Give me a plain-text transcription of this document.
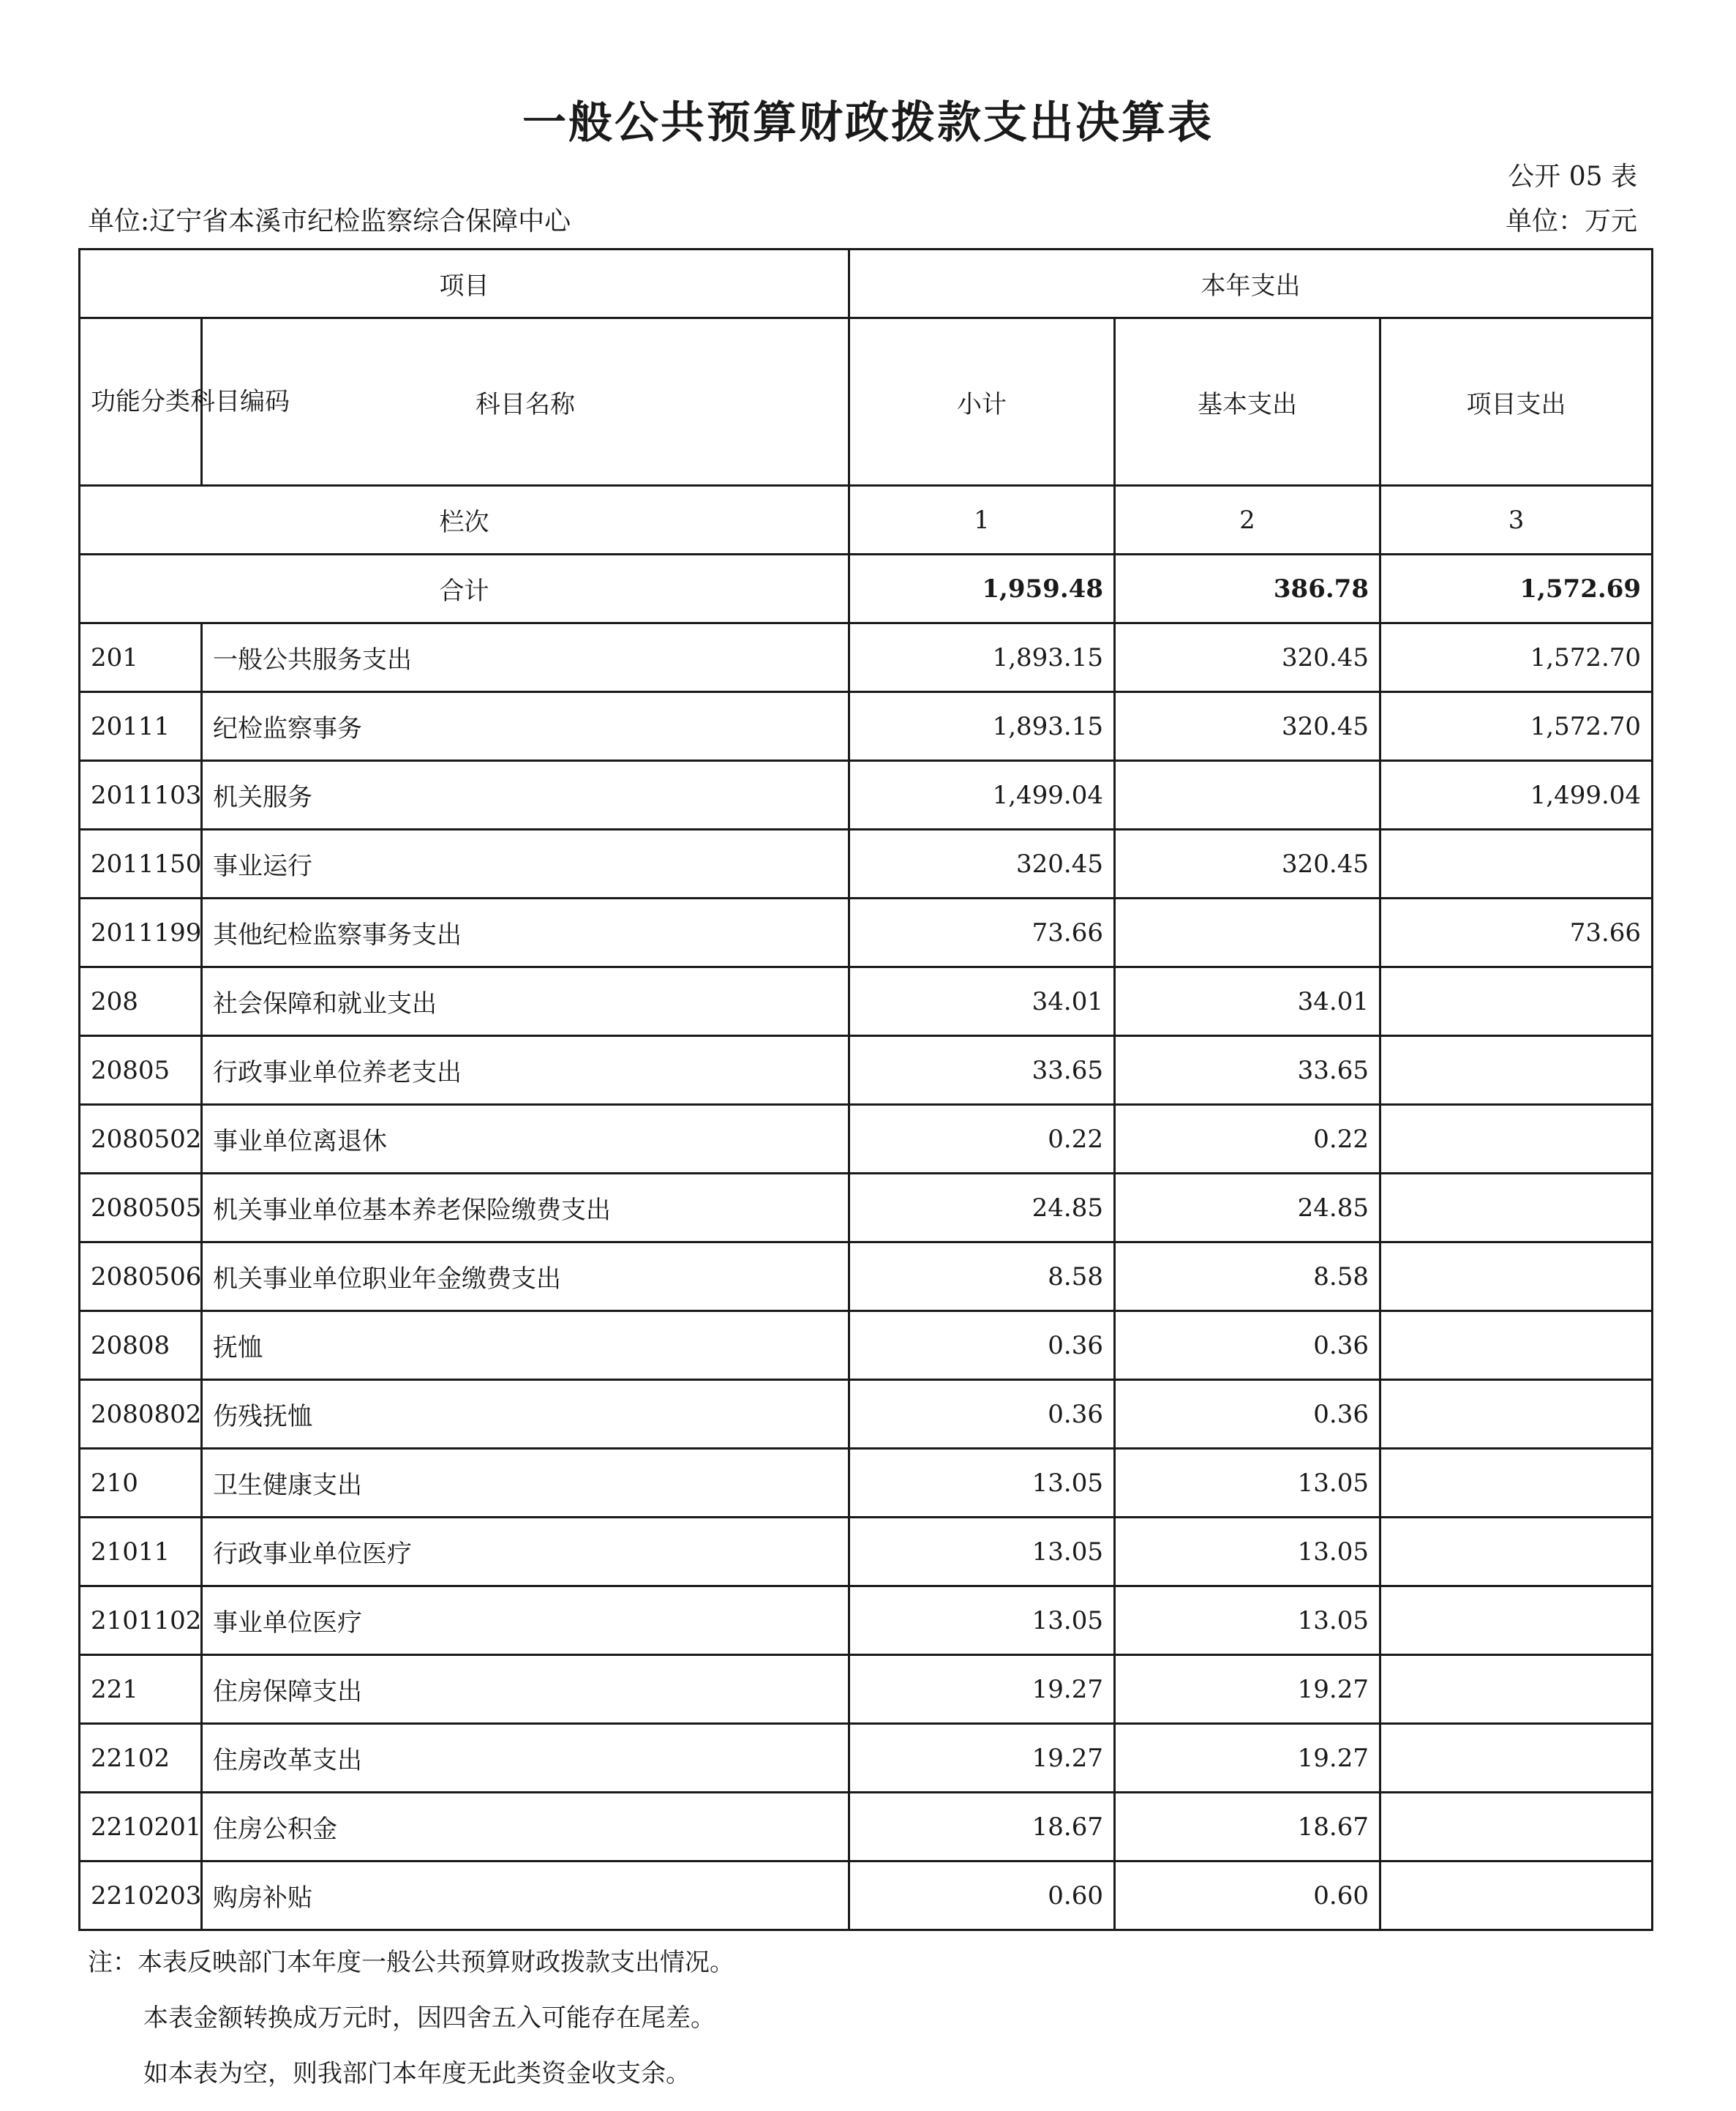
一般公共预算财政拨款支出决算表
公开 05 表
单位:辽宁省本溪市纪检监察综合保障中心	单位：万元
项目		本年支出		
功能分类科目编码	科目名称	小计	基本支出	项目支出
栏次		1	2	3
合计		1,959.48	386.78	1,572.69
201	一般公共服务支出	1,893.15	320.45	1,572.70
20111	纪检监察事务	1,893.15	320.45	1,572.70
2011103	机关服务	1,499.04		1,499.04
2011150	事业运行	320.45	320.45	
2011199	其他纪检监察事务支出	73.66		73.66
208	社会保障和就业支出	34.01	34.01	
20805	行政事业单位养老支出	33.65	33.65	
2080502	事业单位离退休	0.22	0.22	
2080505	机关事业单位基本养老保险缴费支出	24.85	24.85	
2080506	机关事业单位职业年金缴费支出	8.58	8.58	
20808	抚恤	0.36	0.36	
2080802	伤残抚恤	0.36	0.36	
210	卫生健康支出	13.05	13.05	
21011	行政事业单位医疗	13.05	13.05	
2101102	事业单位医疗	13.05	13.05	
221	住房保障支出	19.27	19.27	
22102	住房改革支出	19.27	19.27	
2210201	住房公积金	18.67	18.67	
2210203	购房补贴	0.60	0.60	
注：本表反映部门本年度一般公共预算财政拨款支出情况。
本表金额转换成万元时，因四舍五入可能存在尾差。
如本表为空，则我部门本年度无此类资金收支余。
